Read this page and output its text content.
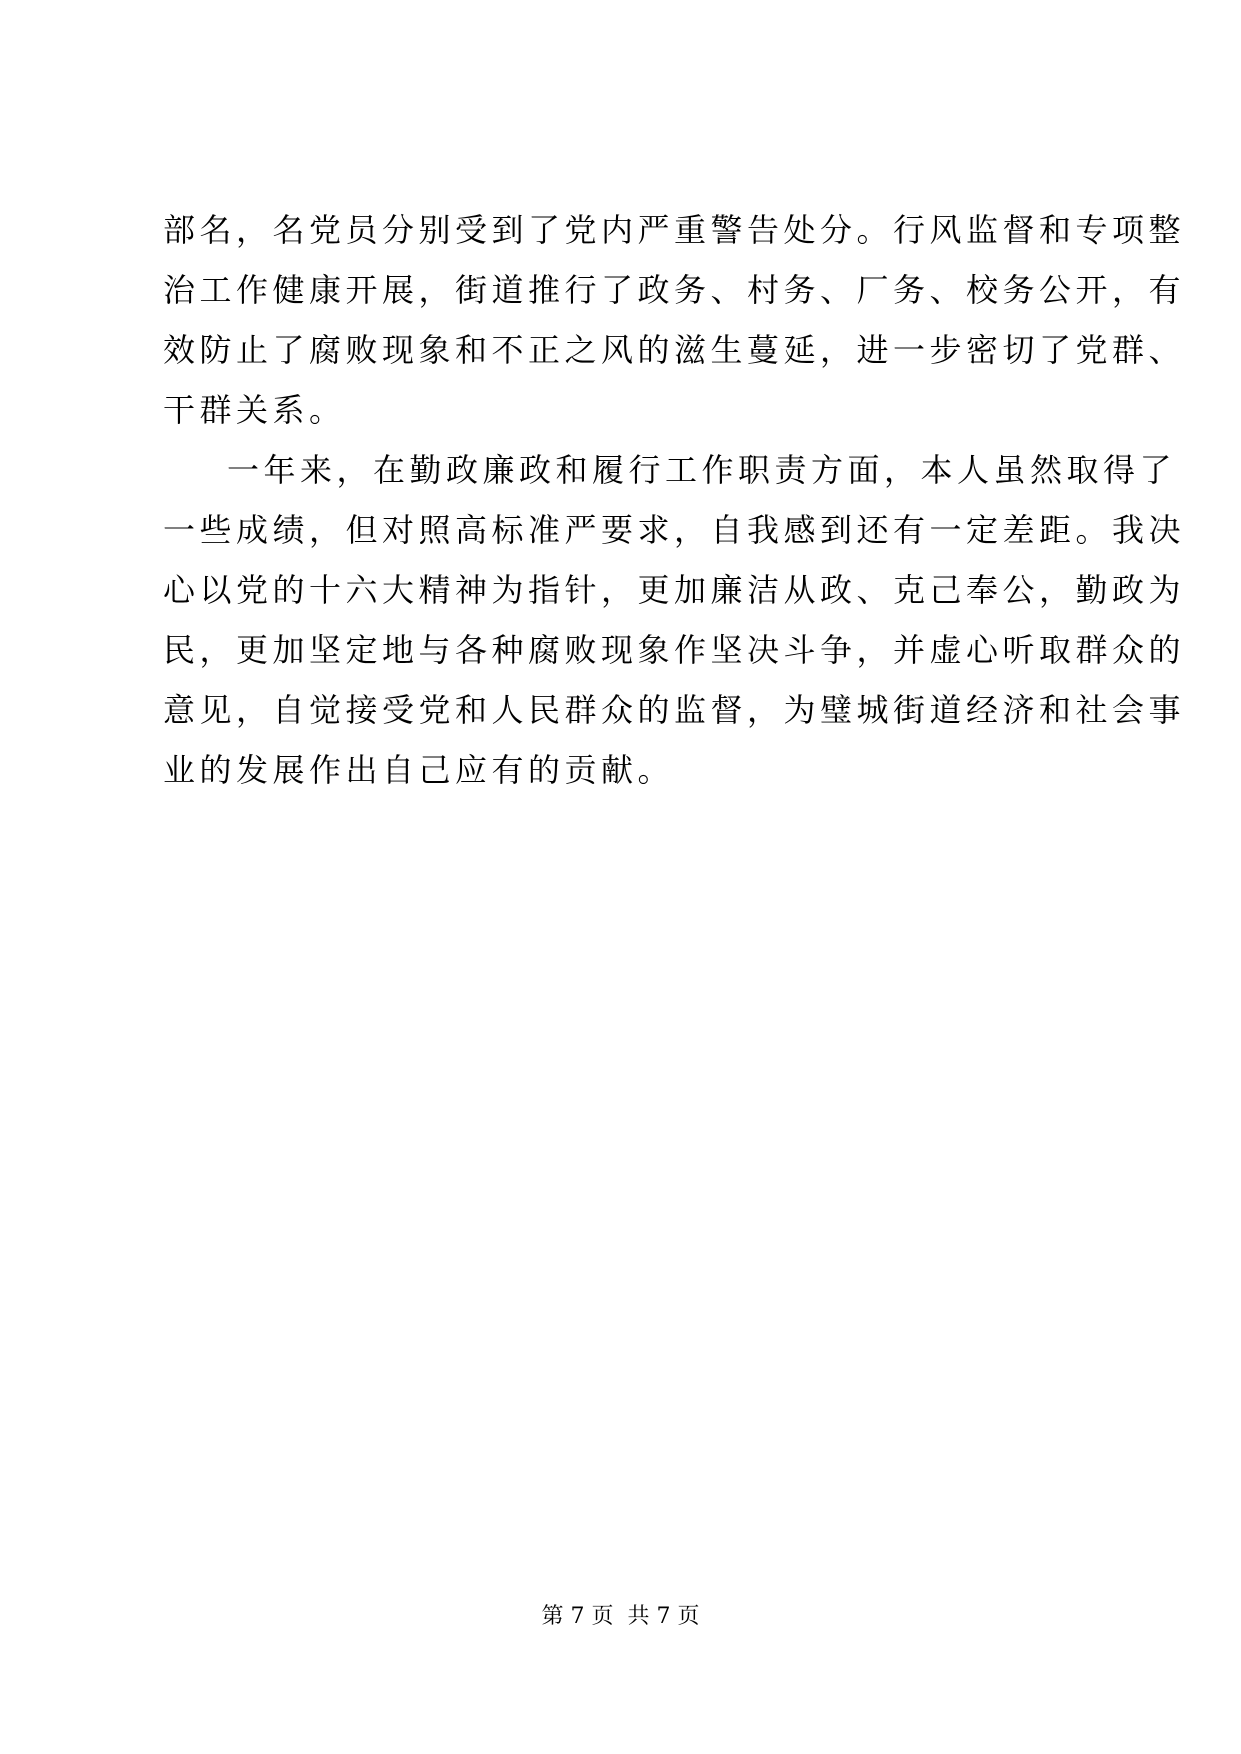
部名，名党员分别受到了党内严重警告处分。行风监督和专项整
治工作健康开展，街道推行了政务、村务、厂务、校务公开，有
效防止了腐败现象和不正之风的滋生蔓延，进一步密切了党群、
干群关系。
一年来，在勤政廉政和履行工作职责方面，本人虽然取得了
一些成绩，但对照高标准严要求，自我感到还有一定差距。我决
心以党的十六大精神为指针，更加廉洁从政、克己奉公，勤政为
民，更加坚定地与各种腐败现象作坚决斗争，并虚心听取群众的
意见，自觉接受党和人民群众的监督，为璧城街道经济和社会事
业的发展作出自己应有的贡献。
第 7 页  共 7 页
